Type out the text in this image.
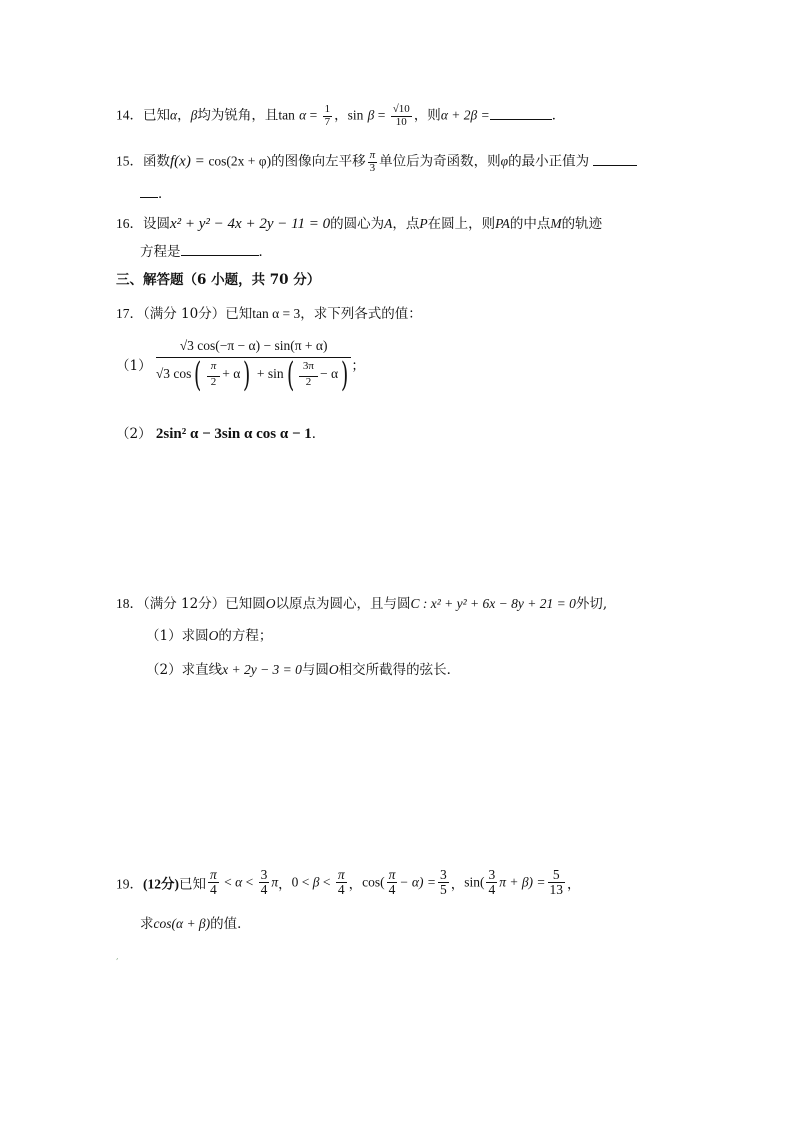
14．已知α，β均为锐角，且$\tan \alpha = \frac{1}{7}$ ，$\sin \beta = \frac{√10}{10}$ ，则α + 2β =	．
15．函数f(x) = cos(2x + φ)的图像向左平移 $\frac{\pi}{3}$ 单位后为奇函数，则φ的最小正值为
．
16．设圆x² + y² − 4x + 2y − 11 = 0的圆心为A，点P在圆上，则PA的中点M的轨迹
方程是	．
三、解答题（6 小题，共 70 分）
17．（满分 10分）已知tan α = 3，求下列各式的值：
$(1) \frac{√3 \cos(-\pi - \alpha) - \sin(\pi + \alpha)}{√3 \cos( \frac{\pi}{2} + \alpha) + \sin( \frac{3\pi}{2} - \alpha)}$ ；
（2） 2sin² α − 3sin α cos α − 1．
18．（满分 12分）已知圆O以原点为圆心，且与圆C : x² + y² + 6x − 8y + 21 = 0外切,
（1）求圆O的方程；
（2）求直线x + 2y − 3 = 0与圆O相交所截得的弦长．
19．(12分)已知 $\frac{\pi}{4} < \alpha < \frac{3}{4}$ π，$0 < \beta < \frac{\pi}{4}$ ，$\cos( \frac{\pi}{4} - \alpha) = \frac{3}{5}$ ，$\sin( \frac{3}{4}$ $\pi + \beta) = \frac{5}{13}$ ，
求cos(α + β)的值．
,
